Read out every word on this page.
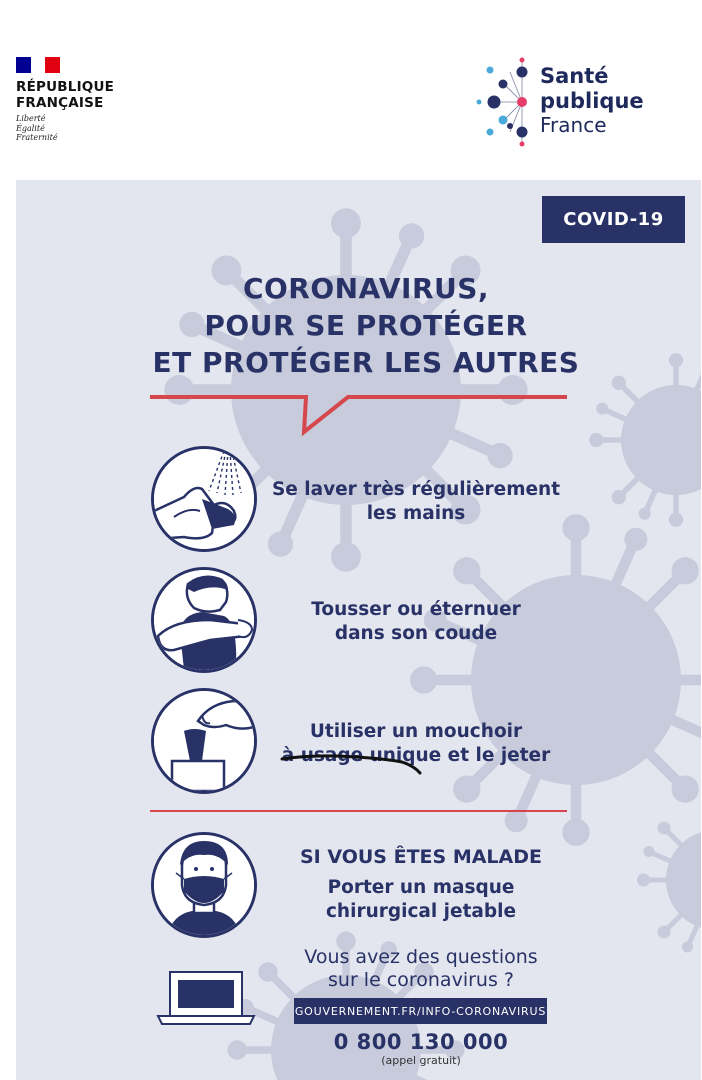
RÉPUBLIQUE
FRANÇAISE
Liberté
Égalité
Fraternité
Santé
publique
France
COVID-19
CORONAVIRUS,
POUR SE PROTÉGER
ET PROTÉGER LES AUTRES
Se laver très régulièrement
les mains
Tousser ou éternuer
dans son coude
Utiliser un mouchoir
à usage unique et le jeter
SI VOUS ÊTES MALADE
Porter un masque
chirurgical jetable
Vous avez des questions
sur le coronavirus ?
GOUVERNEMENT.FR/INFO-CORONAVIRUS
0 800 130 000
(appel gratuit)
